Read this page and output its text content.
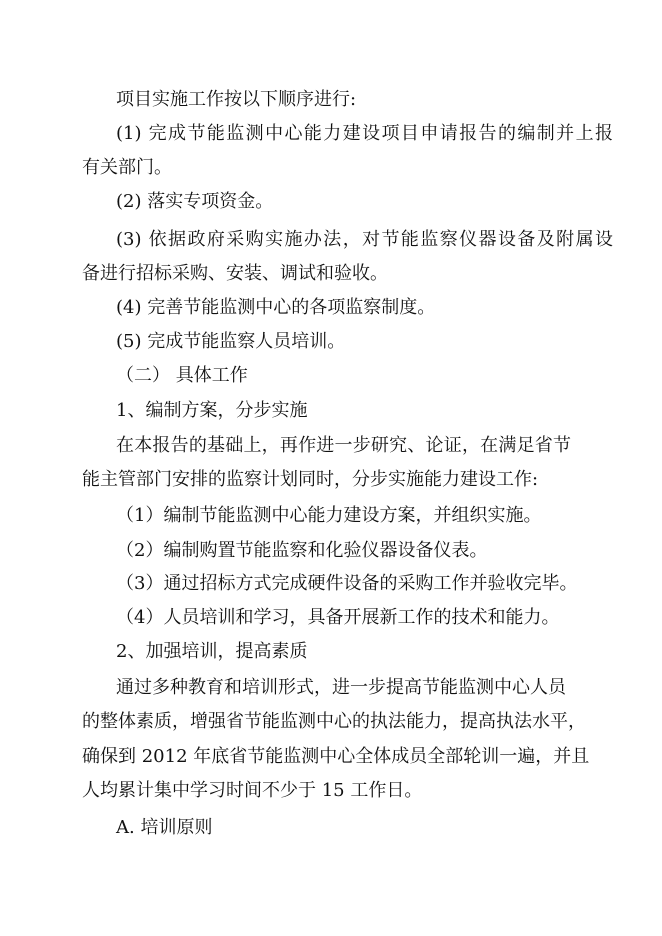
项目实施工作按以下顺序进行:
(1) 完成节能监测中心能力建设项目申请报告的编制并上报
有关部门。
(2) 落实专项资金。
(3) 依据政府采购实施办法，对节能监察仪器设备及附属设
备进行招标采购、安装、调试和验收。
(4) 完善节能监测中心的各项监察制度。
(5) 完成节能监察人员培训。
（二） 具体工作
1、编制方案，分步实施
在本报告的基础上，再作进一步研究、论证，在满足省节
能主管部门安排的监察计划同时，分步实施能力建设工作:
（1）编制节能监测中心能力建设方案，并组织实施。
（2）编制购置节能监察和化验仪器设备仪表。
（3）通过招标方式完成硬件设备的采购工作并验收完毕。
（4）人员培训和学习，具备开展新工作的技术和能力。
2、加强培训，提高素质
通过多种教育和培训形式，进一步提高节能监测中心人员
的整体素质，增强省节能监测中心的执法能力，提高执法水平，
确保到 2012 年底省节能监测中心全体成员全部轮训一遍，并且
人均累计集中学习时间不少于 15 工作日。
A. 培训原则
